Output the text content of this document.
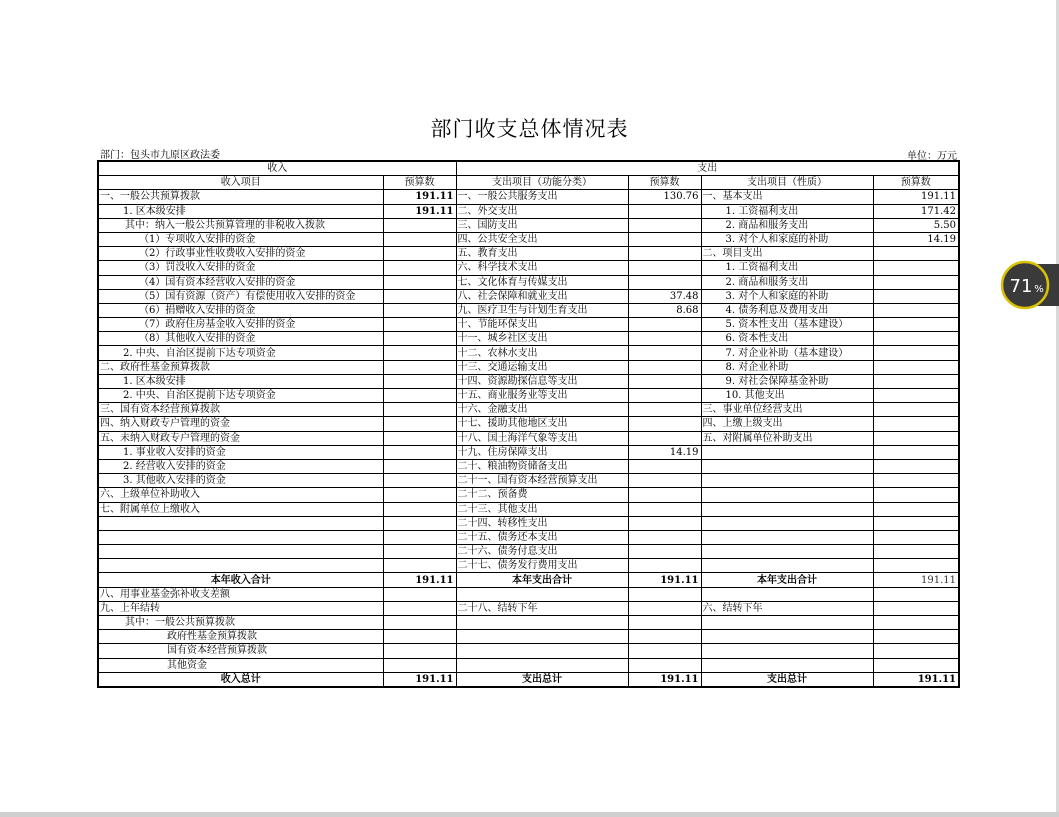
部门收支总体情况表
部门：包头市九原区政法委	单位：万元
收入		支出			
收入项目	预算数	支出项目（功能分类）	预算数	支出项目（性质）	预算数
一、一般公共预算拨款	191.11	一、一般公共服务支出	130.76	一、基本支出	191.11
1. 区本级安排	191.11	二、外交支出		1. 工资福利支出	171.42
其中：纳入一般公共预算管理的非税收入拨款		三、国防支出		2. 商品和服务支出	5.50
（1）专项收入安排的资金		四、公共安全支出		3. 对个人和家庭的补助	14.19
（2）行政事业性收费收入安排的资金		五、教育支出		二、项目支出	
（3）罚没收入安排的资金		六、科学技术支出		1. 工资福利支出	
（4）国有资本经营收入安排的资金		七、文化体育与传媒支出		2. 商品和服务支出	
（5）国有资源（资产）有偿使用收入安排的资金		八、社会保障和就业支出	37.48	3. 对个人和家庭的补助	
（6）捐赠收入安排的资金		九、医疗卫生与计划生育支出	8.68	4. 债务利息及费用支出	
（7）政府住房基金收入安排的资金		十、节能环保支出		5. 资本性支出（基本建设）	
（8）其他收入安排的资金		十一、城乡社区支出		6. 资本性支出	
2. 中央、自治区提前下达专项资金		十二、农林水支出		7. 对企业补助（基本建设）	
二、政府性基金预算拨款		十三、交通运输支出		8. 对企业补助	
1. 区本级安排		十四、资源勘探信息等支出		9. 对社会保障基金补助	
2. 中央、自治区提前下达专项资金		十五、商业服务业等支出		10. 其他支出	
三、国有资本经营预算拨款		十六、金融支出		三、事业单位经营支出	
四、纳入财政专户管理的资金		十七、援助其他地区支出		四、上缴上级支出	
五、未纳入财政专户管理的资金		十八、国土海洋气象等支出		五、对附属单位补助支出	
1. 事业收入安排的资金		十九、住房保障支出	14.19		
2. 经营收入安排的资金		二十、粮油物资储备支出			
3. 其他收入安排的资金		二十一、国有资本经营预算支出			
六、上级单位补助收入		二十二、预备费			
七、附属单位上缴收入		二十三、其他支出			
		二十四、转移性支出			
		二十五、债务还本支出			
		二十六、债务付息支出			
		二十七、债务发行费用支出			
本年收入合计	191.11	本年支出合计	191.11	本年支出合计	191.11
八、用事业基金弥补收支差额					
九、上年结转		二十八、结转下年		六、结转下年	
其中：一般公共预算拨款					
政府性基金预算拨款					
国有资本经营预算拨款					
其他资金					
收入总计	191.11	支出总计	191.11	支出总计	191.11
71 %
